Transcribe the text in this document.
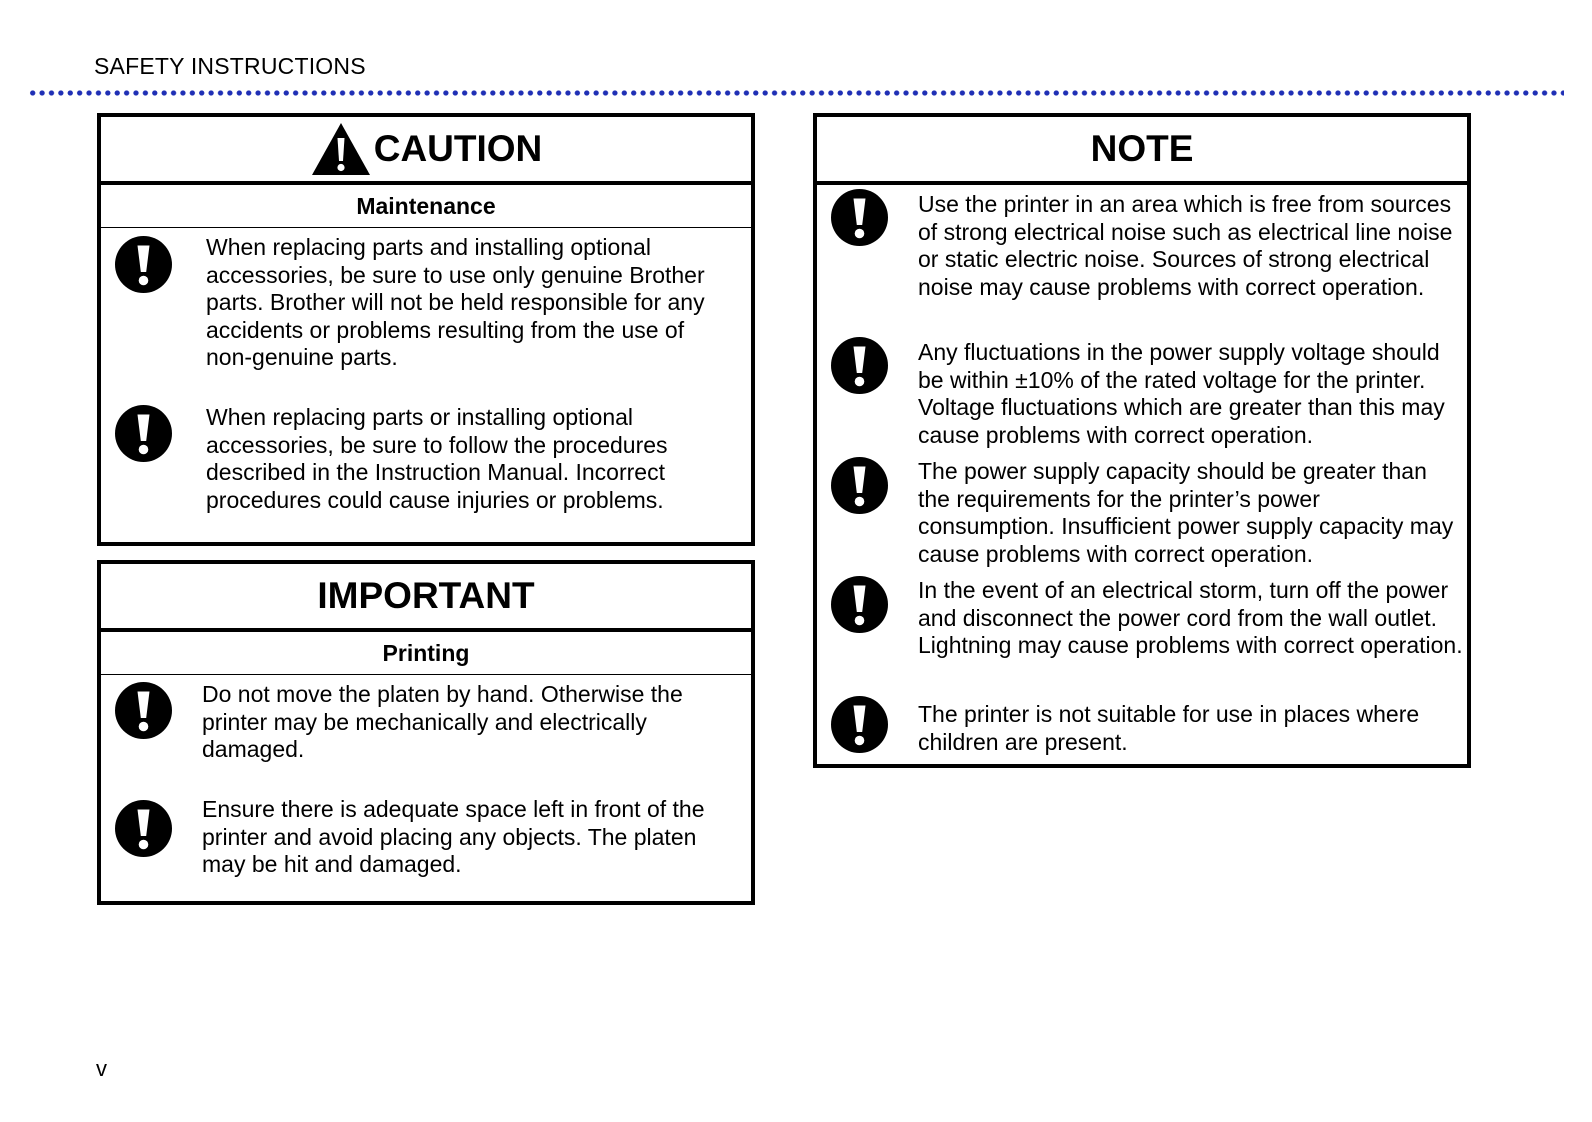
SAFETY INSTRUCTIONS
CAUTION
Maintenance
When replacing parts and installing optional accessories, be sure to use only genuine Brother parts. Brother will not be held responsible for any accidents or problems resulting from the use of non-genuine parts.
When replacing parts or installing optional accessories, be sure to follow the procedures described in the Instruction Manual. Incorrect procedures could cause injuries or problems.
IMPORTANT
Printing
Do not move the platen by hand. Otherwise the printer may be mechanically and electrically damaged.
Ensure there is adequate space left in front of the printer and avoid placing any objects. The platen may be hit and damaged.
NOTE
Use the printer in an area which is free from sources of strong electrical noise such as electrical line noise or static electric noise. Sources of strong electrical noise may cause problems with correct operation.
Any fluctuations in the power supply voltage should be within ±10% of the rated voltage for the printer. Voltage fluctuations which are greater than this may cause problems with correct operation.
The power supply capacity should be greater than the requirements for the printer’s power consumption. Insufficient power supply capacity may cause problems with correct operation.
In the event of an electrical storm, turn off the power and disconnect the power cord from the wall outlet. Lightning may cause problems with correct operation.
The printer is not suitable for use in places where children are present.
v
